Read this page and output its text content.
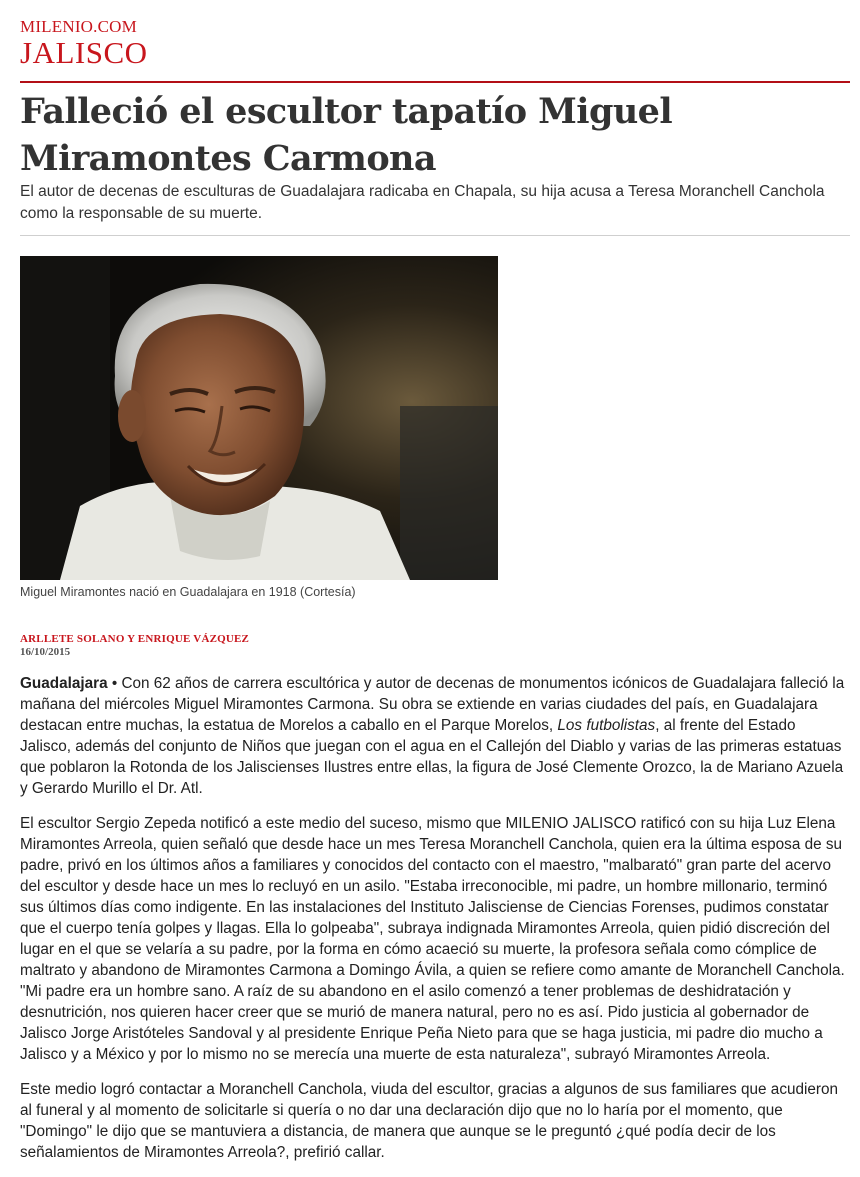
MILENIO.COM
JALISCO
Falleció el escultor tapatío Miguel Miramontes Carmona

El autor de decenas de esculturas de Guadalajara radicaba en Chapala, su hija acusa a Teresa Moranchell Canchola como la responsable de su muerte.

Miguel Miramontes nació en Guadalajara en 1918 (Cortesía)
ARLLETE SOLANO Y ENRIQUE VÁZQUEZ
16/10/2015

Guadalajara • Con 62 años de carrera escultórica y autor de decenas de monumentos icónicos de Guadalajara falleció la mañana del miércoles Miguel Miramontes Carmona. Su obra se extiende en varias ciudades del país, en Guadalajara destacan entre muchas, la estatua de Morelos a caballo en el Parque Morelos, Los futbolistas, al frente del Estado Jalisco, además del conjunto de Niños que juegan con el agua en el Callejón del Diablo y varias de las primeras estatuas que poblaron la Rotonda de los Jaliscienses Ilustres entre ellas, la figura de José Clemente Orozco, la de Mariano Azuela y Gerardo Murillo el Dr. Atl.

El escultor Sergio Zepeda notificó a este medio del suceso, mismo que MILENIO JALISCO ratificó con su hija Luz Elena Miramontes Arreola, quien señaló que desde hace un mes Teresa Moranchell Canchola, quien era la última esposa de su padre, privó en los últimos años a familiares y conocidos del contacto con el maestro, "malbarató" gran parte del acervo del escultor y desde hace un mes lo recluyó en un asilo. "Estaba irreconocible, mi padre, un hombre millonario, terminó sus últimos días como indigente. En las instalaciones del Instituto Jalisciense de Ciencias Forenses, pudimos constatar que el cuerpo tenía golpes y llagas. Ella lo golpeaba", subraya indignada Miramontes Arreola, quien pidió discreción del lugar en el que se velaría a su padre, por la forma en cómo acaeció su muerte, la profesora señala como cómplice de maltrato y abandono de Miramontes Carmona a Domingo Ávila, a quien se refiere como amante de Moranchell Canchola. "Mi padre era un hombre sano. A raíz de su abandono en el asilo comenzó a tener problemas de deshidratación y desnutrición, nos quieren hacer creer que se murió de manera natural, pero no es así. Pido justicia al gobernador de Jalisco Jorge Aristóteles Sandoval y al presidente Enrique Peña Nieto para que se haga justicia, mi padre dio mucho a Jalisco y a México y por lo mismo no se merecía una muerte de esta naturaleza", subrayó Miramontes Arreola.

Este medio logró contactar a Moranchell Canchola, viuda del escultor, gracias a algunos de sus familiares que acudieron al funeral y al momento de solicitarle si quería o no dar una declaración dijo que no lo haría por el momento, que "Domingo" le dijo que se mantuviera a distancia, de manera que aunque se le preguntó ¿qué podía decir de los señalamientos de Miramontes Arreola?, prefirió callar.
